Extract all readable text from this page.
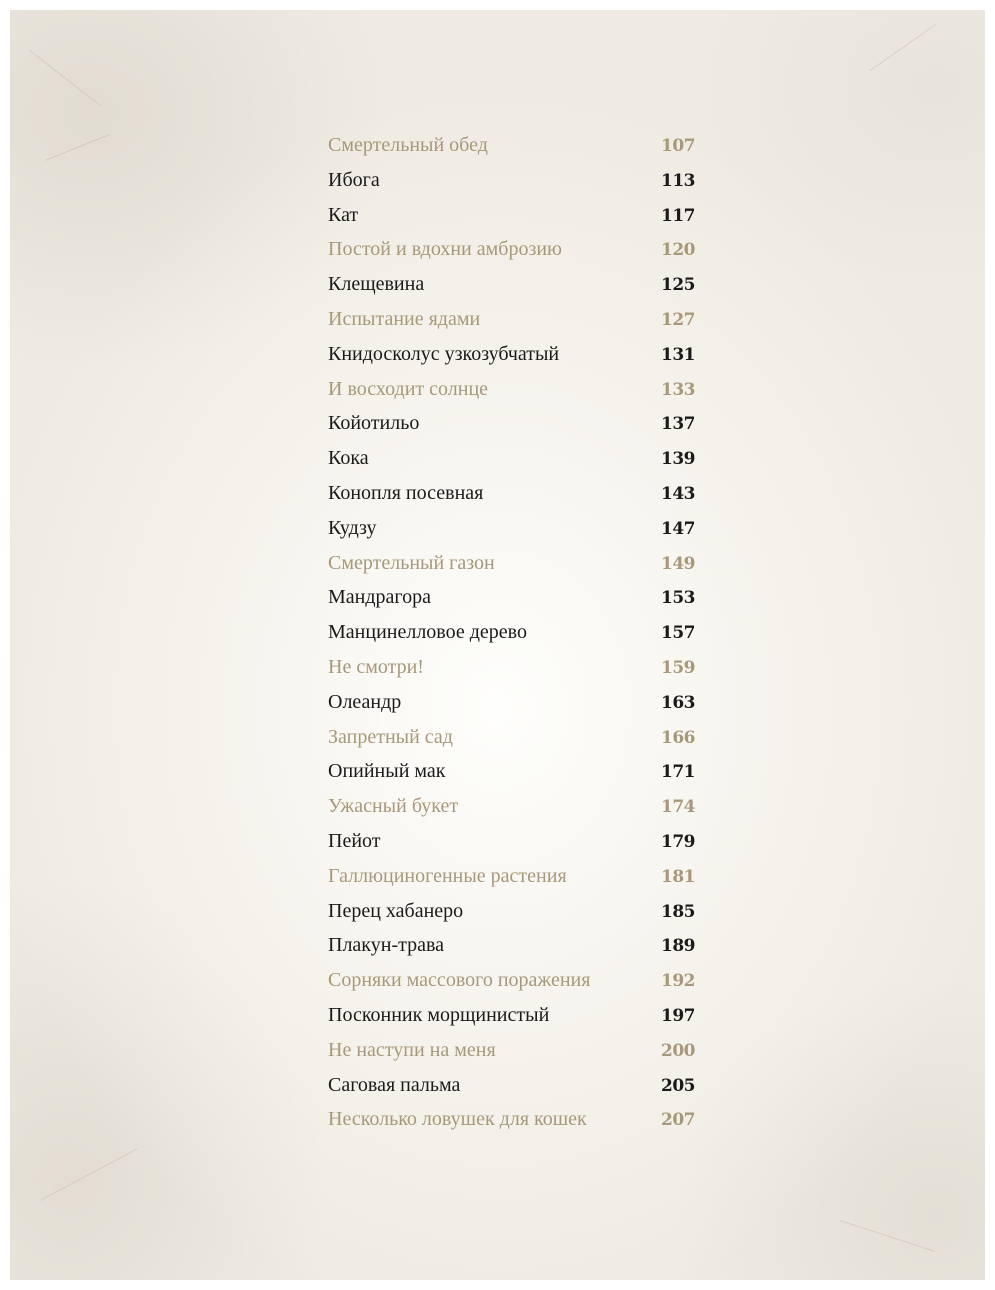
Смертельный обед	107
Ибога	113
Кат	117
Постой и вдохни амброзию	120
Клещевина	125
Испытание ядами	127
Книдосколус узкозубчатый	131
И восходит солнце	133
Койотильо	137
Кока	139
Конопля посевная	143
Кудзу	147
Смертельный газон	149
Мандрагора	153
Манцинелловое дерево	157
Не смотри!	159
Олеандр	163
Запретный сад	166
Опийный мак	171
Ужасный букет	174
Пейот	179
Галлюциногенные растения	181
Перец хабанеро	185
Плакун-трава	189
Сорняки массового поражения	192
Посконник морщинистый	197
Не наступи на меня	200
Саговая пальма	205
Несколько ловушек для кошек	207
